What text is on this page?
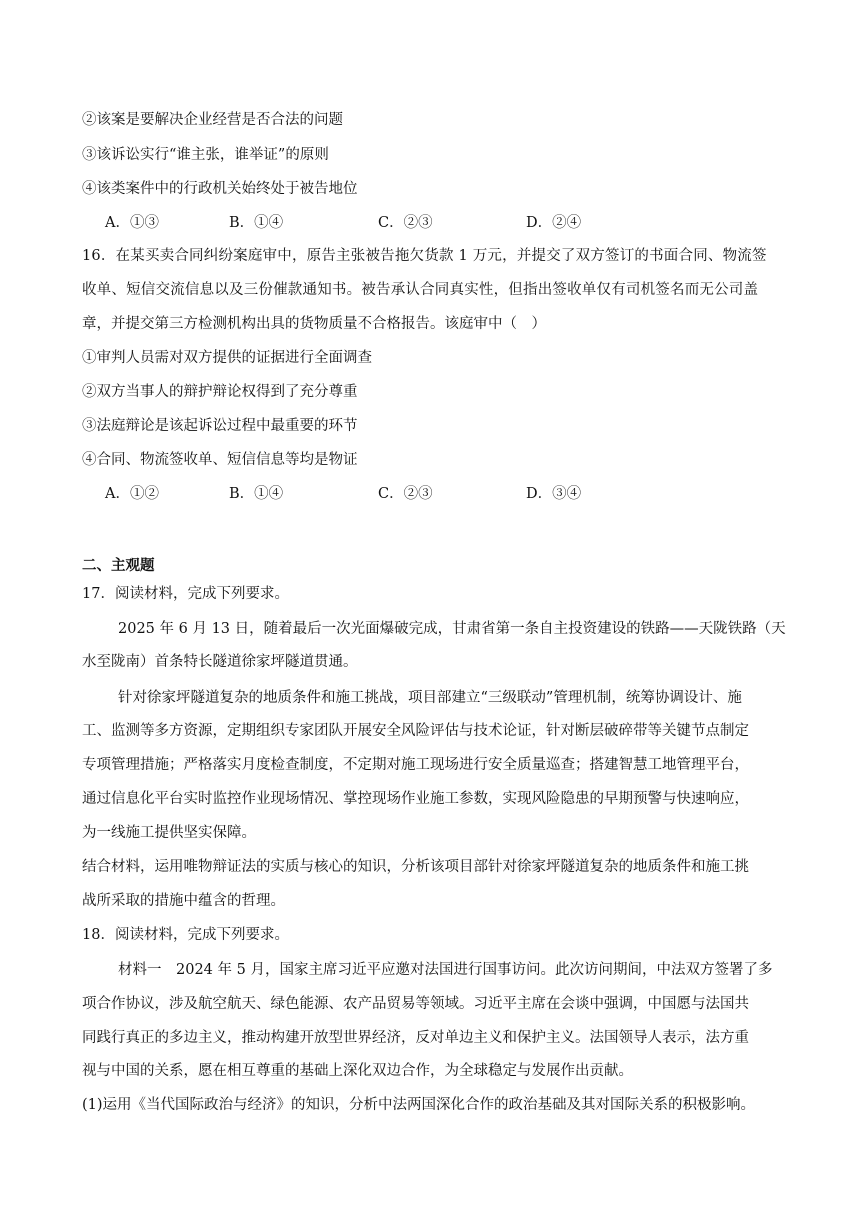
②该案是要解决企业经营是否合法的问题
③该诉讼实行“谁主张，谁举证”的原则
④该类案件中的行政机关始终处于被告地位
A．①③	B．①④	C．②③	D．②④
16．在某买卖合同纠纷案庭审中，原告主张被告拖欠货款 1 万元，并提交了双方签订的书面合同、物流签
收单、短信交流信息以及三份催款通知书。被告承认合同真实性，但指出签收单仅有司机签名而无公司盖
章，并提交第三方检测机构出具的货物质量不合格报告。该庭审中（　）
①审判人员需对双方提供的证据进行全面调查
②双方当事人的辩护辩论权得到了充分尊重
③法庭辩论是该起诉讼过程中最重要的环节
④合同、物流签收单、短信信息等均是物证
A．①②	B．①④	C．②③	D．③④
二、主观题
17．阅读材料，完成下列要求。
2025 年 6 月 13 日，随着最后一次光面爆破完成，甘肃省第一条自主投资建设的铁路——天陇铁路（天
水至陇南）首条特长隧道徐家坪隧道贯通。
针对徐家坪隧道复杂的地质条件和施工挑战，项目部建立“三级联动”管理机制，统筹协调设计、施
工、监测等多方资源，定期组织专家团队开展安全风险评估与技术论证，针对断层破碎带等关键节点制定
专项管理措施；严格落实月度检查制度，不定期对施工现场进行安全质量巡查；搭建智慧工地管理平台，
通过信息化平台实时监控作业现场情况、掌控现场作业施工参数，实现风险隐患的早期预警与快速响应，
为一线施工提供坚实保障。
结合材料，运用唯物辩证法的实质与核心的知识，分析该项目部针对徐家坪隧道复杂的地质条件和施工挑
战所采取的措施中蕴含的哲理。
18．阅读材料，完成下列要求。
材料一　2024 年 5 月，国家主席习近平应邀对法国进行国事访问。此次访问期间，中法双方签署了多
项合作协议，涉及航空航天、绿色能源、农产品贸易等领域。习近平主席在会谈中强调，中国愿与法国共
同践行真正的多边主义，推动构建开放型世界经济，反对单边主义和保护主义。法国领导人表示，法方重
视与中国的关系，愿在相互尊重的基础上深化双边合作，为全球稳定与发展作出贡献。
(1)运用《当代国际政治与经济》的知识，分析中法两国深化合作的政治基础及其对国际关系的积极影响。
